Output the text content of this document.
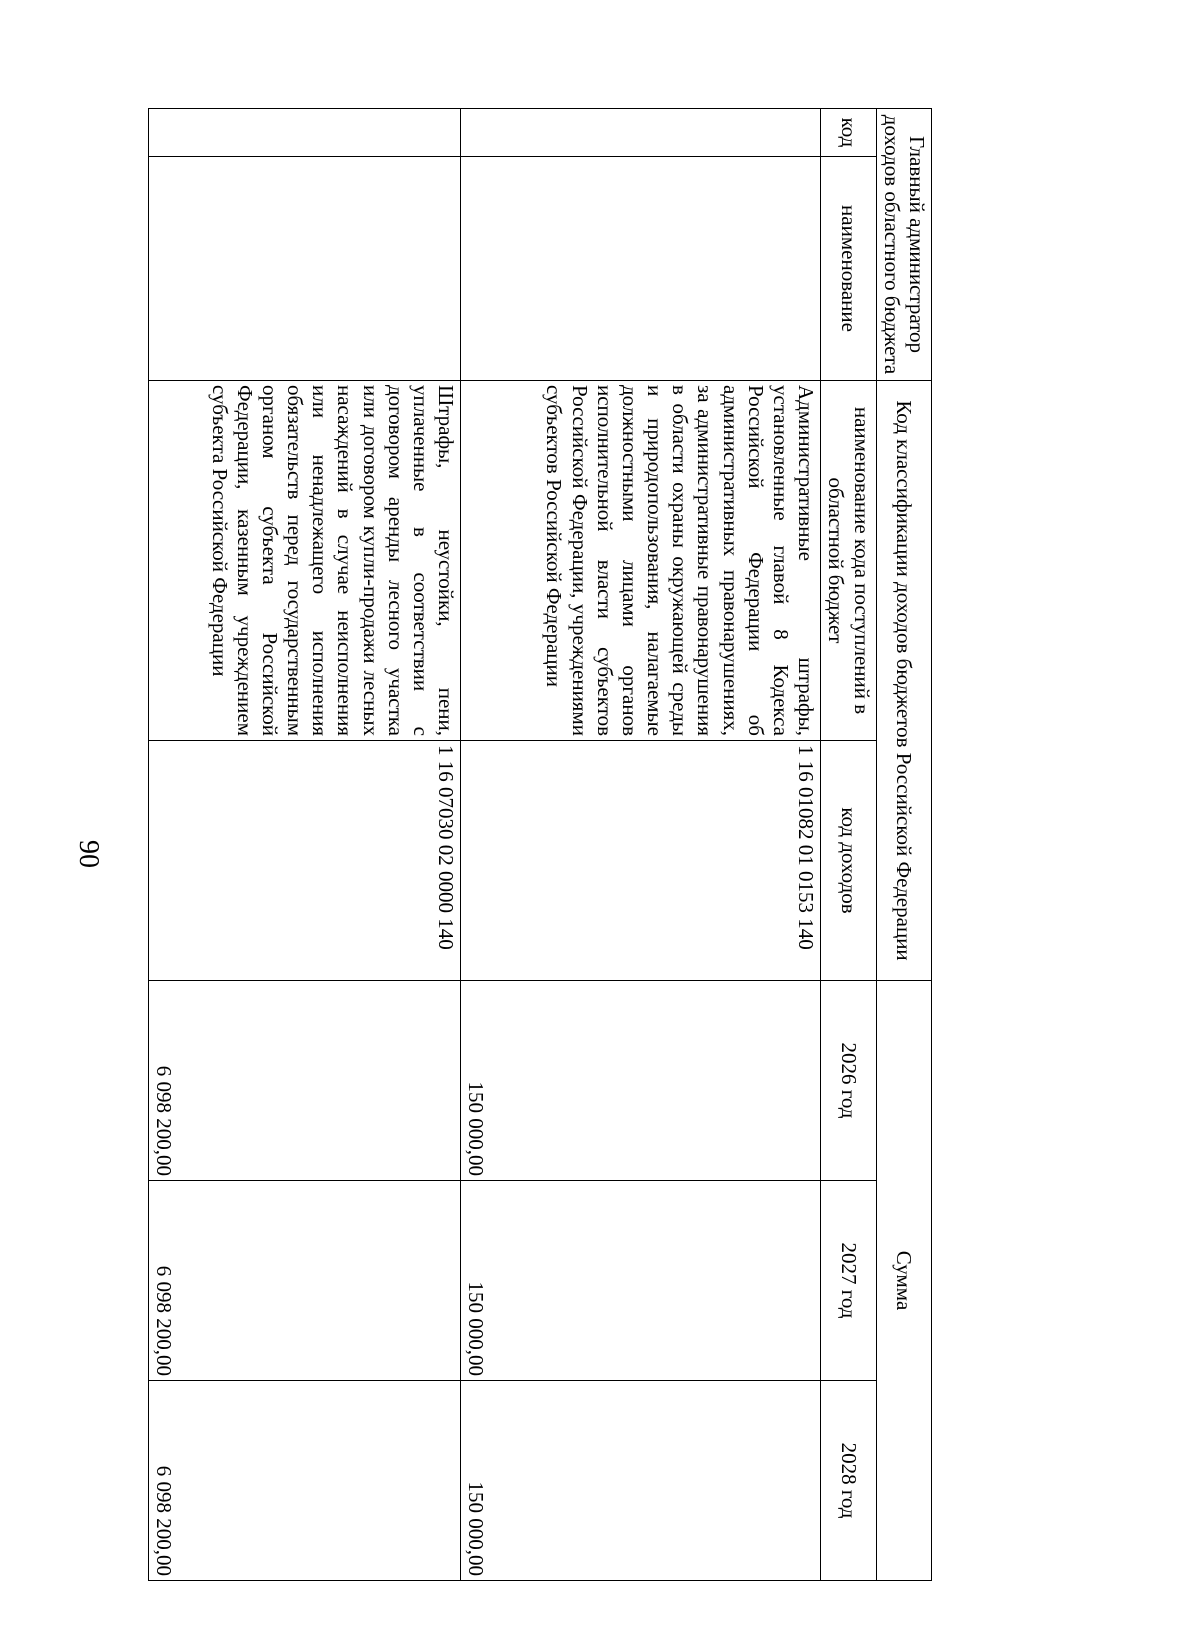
90
Главный администратор доходов областного бюджета		Код классификации доходов бюджетов Российской Федерации		Сумма		
код	наименование	наименование кода поступлений в областной бюджет	код доходов	2026 год	2027 год	2028 год
		Административные штрафы, установленные главой 8 Кодекса Российской Федерации об административных правонарушениях, за административные правонарушения в области охраны окружающей среды и природопользования, налагаемые должностными лицами органов исполнительной власти субъектов Российской Федерации, учреждениями субъектов Российской Федерации	1 16 01082 01 0153 140	150 000,00	150 000,00	150 000,00
		Штрафы, неустойки, пени, уплаченные в соответствии с договором аренды лесного участка или договором купли-продажи лесных насаждений в случае неисполнения или ненадлежащего исполнения обязательств перед государственным органом субъекта Российской Федерации, казенным учреждением субъекта Российской Федерации	1 16 07030 02 0000 140	6 098 200,00	6 098 200,00	6 098 200,00
